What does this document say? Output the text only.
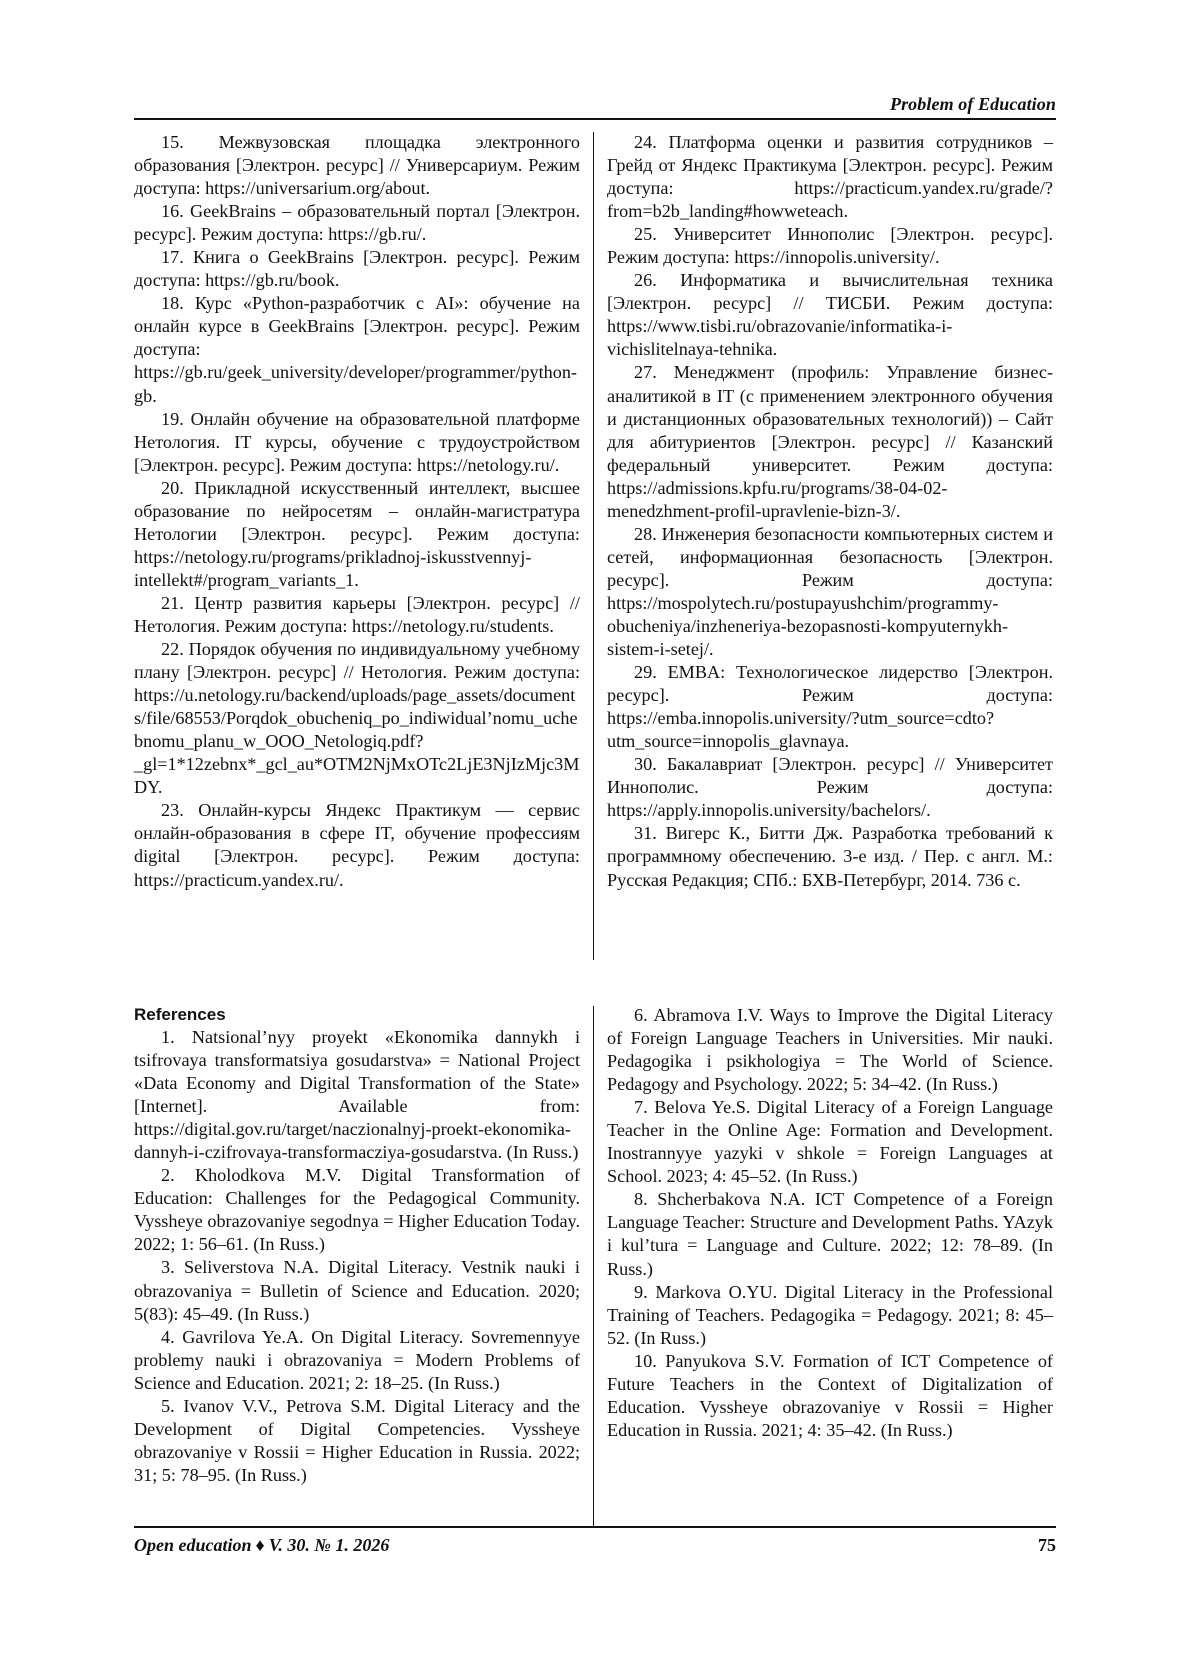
Problem of Education

15. Межвузовская площадка электронного образования [Электрон. ресурс] // Универсариум. Режим доступа: https://universarium.org/about.

16. GeekBrains – образовательный портал [Электрон. ресурс]. Режим доступа: https://gb.ru/.

17. Книга о GeekBrains [Электрон. ресурс]. Режим доступа: https://gb.ru/book.

18. Курс «Python-разработчик с AI»: обучение на онлайн курсе в GeekBrains [Электрон. ресурс]. Режим доступа: https://gb.ru/geek_university/developer/programmer/python-gb.

19. Онлайн обучение на образовательной платформе Нетология. IT курсы, обучение с трудоустройством [Электрон. ресурс]. Режим доступа: https://netology.ru/.

20. Прикладной искусственный интеллект, высшее образование по нейросетям – онлайн-магистратура Нетологии [Электрон. ресурс]. Режим доступа: https://netology.ru/programs/prikladnoj-iskusstvennyj-intellekt#/program_variants_1.

21. Центр развития карьеры [Электрон. ресурс] // Нетология. Режим доступа: https://netology.ru/students.

22. Порядок обучения по индивидуальному учебному плану [Электрон. ресурс] // Нетология. Режим доступа: https://u.netology.ru/backend/uploads/page_assets/documents/file/68553/Porqdok_obucheniq_po_indiwidual’nomu_uchebnomu_planu_w_OOO_Netologiq.pdf?_gl=1*12zebnx*_gcl_au*OTM2NjMxOTc2LjE3NjIzMjc3MDY.

23. Онлайн-курсы Яндекс Практикум — сервис онлайн-образования в сфере IT, обучение профессиям digital [Электрон. ресурс]. Режим доступа: https://practicum.yandex.ru/.

24. Платформа оценки и развития сотрудников – Грейд от Яндекс Практикума [Электрон. ресурс]. Режим доступа: https://practicum.yandex.ru/grade/?from=b2b_landing#howweteach.

25. Университет Иннополис [Электрон. ресурс]. Режим доступа: https://innopolis.university/.

26. Информатика и вычислительная техника [Электрон. ресурс] // ТИСБИ. Режим доступа: https://www.tisbi.ru/obrazovanie/informatika-i-vichislitelnaya-tehnika.

27. Менеджмент (профиль: Управление бизнес-аналитикой в IT (с применением электронного обучения и дистанционных образовательных технологий)) – Сайт для абитуриентов [Электрон. ресурс] // Казанский федеральный университет. Режим доступа: https://admissions.kpfu.ru/programs/38-04-02-menedzhment-profil-upravlenie-bizn-3/.

28. Инженерия безопасности компьютерных систем и сетей, информационная безопасность [Электрон. ресурс]. Режим доступа: https://mospolytech.ru/postupayushchim/programmy-obucheniya/inzheneriya-bezopasnosti-kompyuternykh-sistem-i-setej/.

29. EMBA: Технологическое лидерство [Электрон. ресурс]. Режим доступа: https://emba.innopolis.university/?utm_source=cdto?utm_source=innopolis_glavnaya.

30. Бакалавриат [Электрон. ресурс] // Университет Иннополис. Режим доступа: https://apply.innopolis.university/bachelors/.

31. Вигерс К., Битти Дж. Разработка требований к программному обеспечению. 3-е изд. / Пер. с англ. М.: Русская Редакция; СПб.: БХВ-Петербург, 2014. 736 с.

References

1. Natsional’nyy proyekt «Ekonomika dannykh i tsifrovaya transformatsiya gosudarstva» = National Project «Data Economy and Digital Transformation of the State» [Internet]. Available from: https://digital.gov.ru/target/naczionalnyj-proekt-ekonomika-dannyh-i-czifrovaya-transformacziya-gosudarstva. (In Russ.)

2. Kholodkova M.V. Digital Transformation of Education: Challenges for the Pedagogical Community. Vyssheye obrazovaniye segodnya = Higher Education Today. 2022; 1: 56–61. (In Russ.)

3. Seliverstova N.A. Digital Literacy. Vestnik nauki i obrazovaniya = Bulletin of Science and Education. 2020; 5(83): 45–49. (In Russ.)

4. Gavrilova Ye.A. On Digital Literacy. Sovremennyye problemy nauki i obrazovaniya = Modern Problems of Science and Education. 2021; 2: 18–25. (In Russ.)

5. Ivanov V.V., Petrova S.M. Digital Literacy and the Development of Digital Competencies. Vyssheye obrazovaniye v Rossii = Higher Education in Russia. 2022; 31; 5: 78–95. (In Russ.)

6. Abramova I.V. Ways to Improve the Digital Literacy of Foreign Language Teachers in Universities. Mir nauki. Pedagogika i psikhologiya = The World of Science. Pedagogy and Psychology. 2022; 5: 34–42. (In Russ.)

7. Belova Ye.S. Digital Literacy of a Foreign Language Teacher in the Online Age: Formation and Development. Inostrannyye yazyki v shkole = Foreign Languages at School. 2023; 4: 45–52. (In Russ.)

8. Shcherbakova N.A. ICT Competence of a Foreign Language Teacher: Structure and Development Paths. YAzyk i kul’tura = Language and Culture. 2022; 12: 78–89. (In Russ.)

9. Markova O.YU. Digital Literacy in the Professional Training of Teachers. Pedagogika = Pedagogy. 2021; 8: 45–52. (In Russ.)

10. Panyukova S.V. Formation of ICT Competence of Future Teachers in the Context of Digitalization of Education. Vyssheye obrazovaniye v Rossii = Higher Education in Russia. 2021; 4: 35–42. (In Russ.)

Open education ♦ V. 30. № 1. 2026	75
